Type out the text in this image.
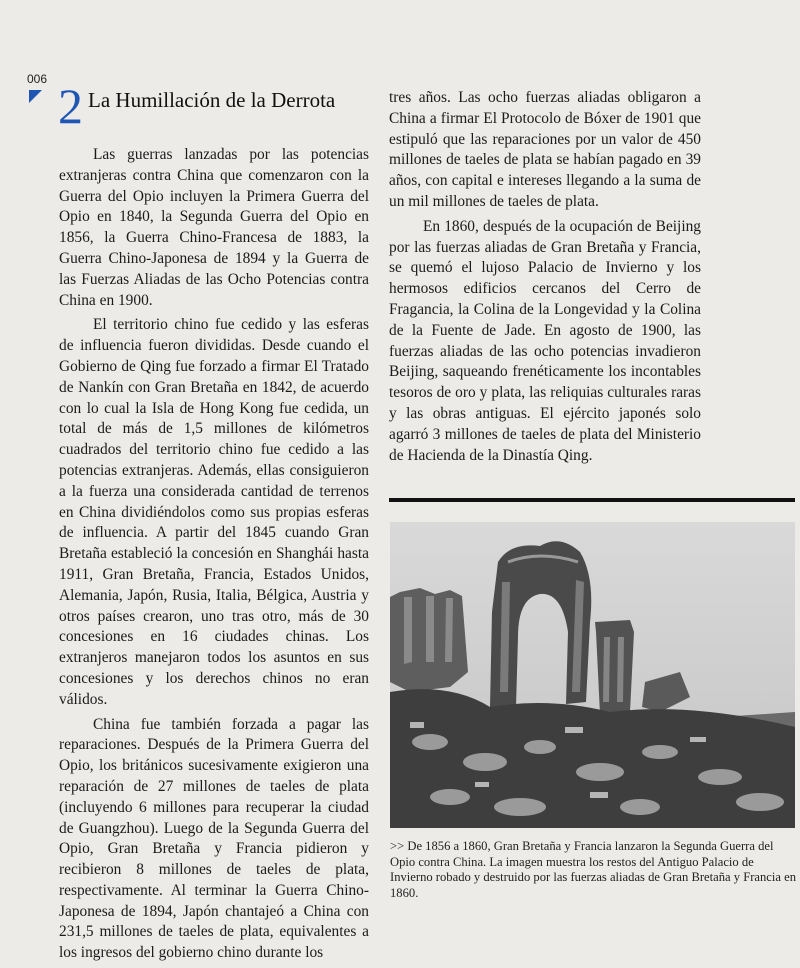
006 2 La Humillación de la Derrota

Las guerras lanzadas por las potencias extranjeras contra China que comenzaron con la Guerra del Opio incluyen la Primera Guerra del Opio en 1840, la Segunda Guerra del Opio en 1856, la Guerra Chino-Francesa de 1883, la Guerra Chino-Japonesa de 1894 y la Guerra de las Fuerzas Aliadas de las Ocho Potencias contra China en 1900.

El territorio chino fue cedido y las esferas de influencia fueron divididas. Desde cuando el Gobierno de Qing fue forzado a firmar El Tratado de Nankín con Gran Bretaña en 1842, de acuerdo con lo cual la Isla de Hong Kong fue cedida, un total de más de 1,5 millones de kilómetros cuadrados del territorio chino fue cedido a las potencias extranjeras. Además, ellas consiguieron a la fuerza una considerada cantidad de terrenos en China dividiéndolos como sus propias esferas de influencia. A partir del 1845 cuando Gran Bretaña estableció la concesión en Shanghái hasta 1911, Gran Bretaña, Francia, Estados Unidos, Alemania, Japón, Rusia, Italia, Bélgica, Austria y otros países crearon, uno tras otro, más de 30 concesiones en 16 ciudades chinas. Los extranjeros manejaron todos los asuntos en sus concesiones y los derechos chinos no eran válidos.

China fue también forzada a pagar las reparaciones. Después de la Primera Guerra del Opio, los británicos sucesivamente exigieron una reparación de 27 millones de taeles de plata (incluyendo 6 millones para recuperar la ciudad de Guangzhou). Luego de la Segunda Guerra del Opio, Gran Bretaña y Francia pidieron y recibieron 8 millones de taeles de plata, respectivamente. Al terminar la Guerra Chino-Japonesa de 1894, Japón chantajeó a China con 231,5 millones de taeles de plata, equivalentes a los ingresos del gobierno chino durante los

tres años. Las ocho fuerzas aliadas obligaron a China a firmar El Protocolo de Bóxer de 1901 que estipuló que las reparaciones por un valor de 450 millones de taeles de plata se habían pagado en 39 años, con capital e intereses llegando a la suma de un mil millones de taeles de plata.

En 1860, después de la ocupación de Beijing por las fuerzas aliadas de Gran Bretaña y Francia, se quemó el lujoso Palacio de Invierno y los hermosos edificios cercanos del Cerro de Fragancia, la Colina de la Longevidad y la Colina de la Fuente de Jade. En agosto de 1900, las fuerzas aliadas de las ocho potencias invadieron Beijing, saqueando frenéticamente los incontables tesoros de oro y plata, las reliquias culturales raras y las obras antiguas. El ejército japonés solo agarró 3 millones de taeles de plata del Ministerio de Hacienda de la Dinastía Qing.

>> De 1856 a 1860, Gran Bretaña y Francia lanzaron la Segunda Guerra del Opio contra China. La imagen muestra los restos del Antiguo Palacio de Invierno robado y destruido por las fuerzas aliadas de Gran Bretaña y Francia en 1860.
